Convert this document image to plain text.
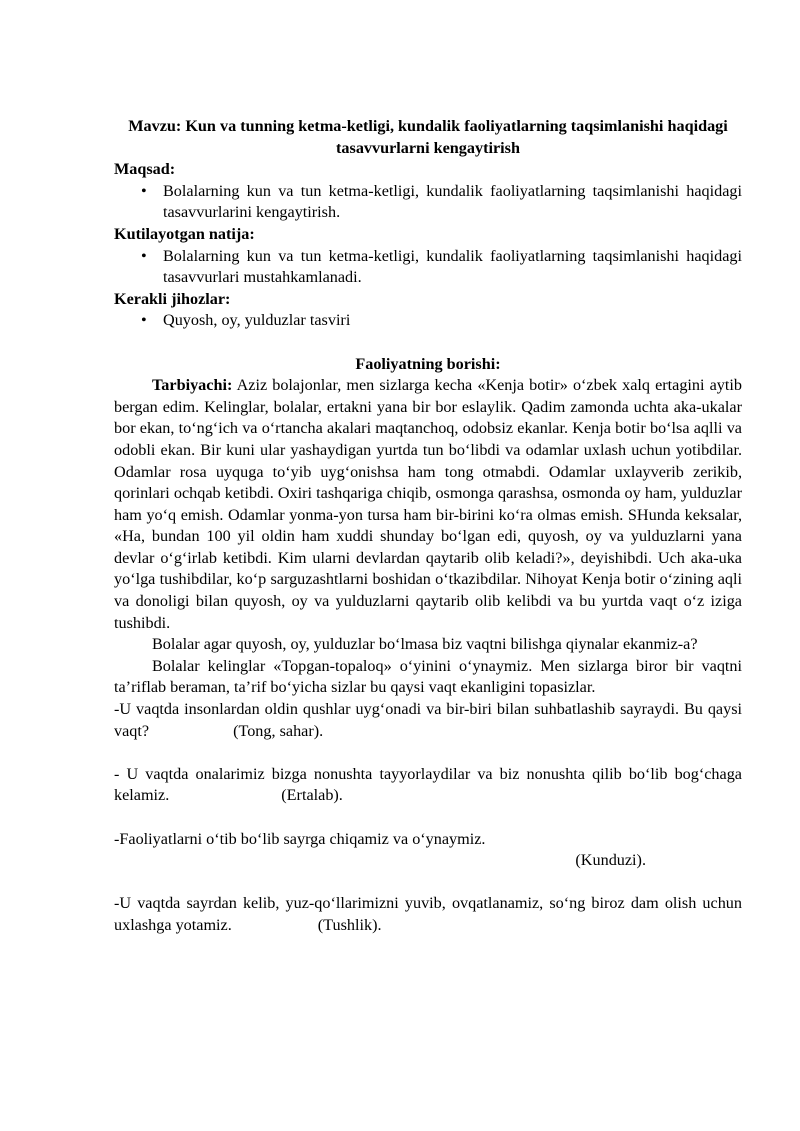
Mavzu: Kun va tunning ketma-ketligi, kundalik faoliyatlarning taqsimlanishi haqidagi tasavvurlarni kengaytirish
Maqsad:
• Bolalarning kun va tun ketma-ketligi, kundalik faoliyatlarning taqsimlanishi haqidagi tasavvurlarini kengaytirish.
Kutilayotgan natija:
• Bolalarning kun va tun ketma-ketligi, kundalik faoliyatlarning taqsimlanishi haqidagi tasavvurlari mustahkamlanadi.
Kerakli jihozlar:
• Quyosh, oy, yulduzlar tasviri
Faoliyatning borishi:

Tarbiyachi: Aziz bolajonlar, men sizlarga kecha «Kenja botir» o‘zbek xalq ertagini aytib bergan edim. Kelinglar, bolalar, ertakni yana bir bor eslaylik. Qadim zamonda uchta aka-ukalar bor ekan, to‘ng‘ich va o‘rtancha akalari maqtanchoq, odobsiz ekanlar. Kenja botir bo‘lsa aqlli va odobli ekan. Bir kuni ular yashaydigan yurtda tun bo‘libdi va odamlar uxlash uchun yotibdilar. Odamlar rosa uyquga to‘yib uyg‘onishsa ham tong otmabdi. Odamlar uxlayverib zerikib, qorinlari ochqab ketibdi. Oxiri tashqariga chiqib, osmonga qarashsa, osmonda oy ham, yulduzlar ham yo‘q emish. Odamlar yonma-yon tursa ham bir-birini ko‘ra olmas emish. SHunda keksalar, «Ha, bundan 100 yil oldin ham xuddi shunday bo‘lgan edi, quyosh, oy va yulduzlarni yana devlar o‘g‘irlab ketibdi. Kim ularni devlardan qaytarib olib keladi?», deyishibdi. Uch aka-uka yo‘lga tushibdilar, ko‘p sarguzashtlarni boshidan o‘tkazibdilar. Nihoyat Kenja botir o‘zining aqli va donoligi bilan quyosh, oy va yulduzlarni qaytarib olib kelibdi va bu yurtda vaqt o‘z iziga tushibdi.

Bolalar agar quyosh, oy, yulduzlar bo‘lmasa biz vaqtni bilishga qiynalar ekanmiz-a?

Bolalar kelinglar «Topgan-topaloq» o‘yinini o‘ynaymiz. Men sizlarga biror bir vaqtni ta’riflab beraman, ta’rif bo‘yicha sizlar bu qaysi vaqt ekanligini topasizlar.

-U vaqtda insonlardan oldin qushlar uyg‘onadi va bir-biri bilan suhbatlashib sayraydi. Bu qaysi vaqt?	(Tong, sahar).

- U vaqtda onalarimiz bizga nonushta tayyorlaydilar va biz nonushta qilib bo‘lib bog‘chaga kelamiz.	(Ertalab).

-Faoliyatlarni o‘tib bo‘lib sayrga chiqamiz va o‘ynaymiz.

(Kunduzi).

-U vaqtda sayrdan kelib, yuz-qo‘llarimizni yuvib, ovqatlanamiz, so‘ng biroz dam olish uchun uxlashga yotamiz.	(Tushlik).
